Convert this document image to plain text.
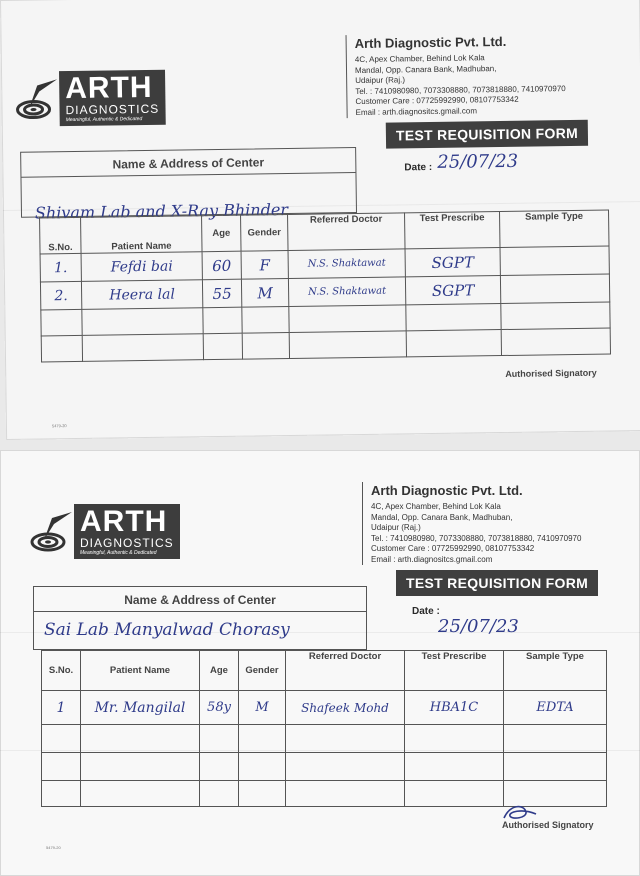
ARTH
DIAGNOSTICS
Meaningful, Authentic & Dedicated
Arth Diagnostic Pvt. Ltd.
4C, Apex Chamber, Behind Lok Kala
Mandal, Opp. Canara Bank, Madhuban,
Udaipur (Raj.)
Tel. : 7410980980, 7073308880, 7073818880, 7410970970
Customer Care : 07725992990, 08107753342
Email : arth.diagnositcs.gmail.com
TEST REQUISITION FORM
Date : 25/07/23
Name & Address of Center
Shivam Lab and X-Ray Bhinder
S.No.	Patient Name	Age	Gender	Referred Doctor	Test Prescribe	Sample Type
1.	Fefdi bai	60	F	N.S. Shaktawat	SGPT	
2.	Heera lal	55	M	N.S. Shaktawat	SGPT	

Authorised Signatory
5479-20
ARTH
DIAGNOSTICS
Meaningful, Authentic & Dedicated
Arth Diagnostic Pvt. Ltd.
4C, Apex Chamber, Behind Lok Kala
Mandal, Opp. Canara Bank, Madhuban,
Udaipur (Raj.)
Tel. : 7410980980, 7073308880, 7073818880, 7410970970
Customer Care : 07725992990, 08107753342
Email : arth.diagnositcs.gmail.com
TEST REQUISITION FORM
Date :
25/07/23
Name & Address of Center
Sai Lab Manyalwad Chorasy
S.No.	Patient Name	Age	Gender	Referred Doctor	Test Prescribe	Sample Type
1	Mr. Mangilal	58y	M	Shafeek Mohd	HBA1C	EDTA

Authorised Signatory
5479-20
